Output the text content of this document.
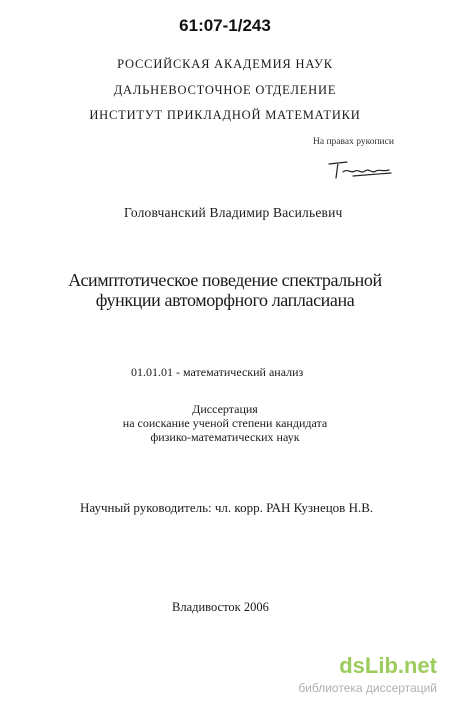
61:07-1/243
РОССИЙСКАЯ АКАДЕМИЯ НАУК
ДАЛЬНЕВОСТОЧНОЕ ОТДЕЛЕНИЕ
ИНСТИТУТ ПРИКЛАДНОЙ МАТЕМАТИКИ
На правах рукописи
Головчанский Владимир Васильевич
Асимптотическое поведение спектральной
функции автоморфного лапласиана
01.01.01 - математический анализ
Диссертация
на соискание ученой степени кандидата
физико-математических наук
Научный руководитель: чл. корр. РАН Кузнецов Н.В.
Владивосток 2006
dsLib.net
библиотека диссертаций
